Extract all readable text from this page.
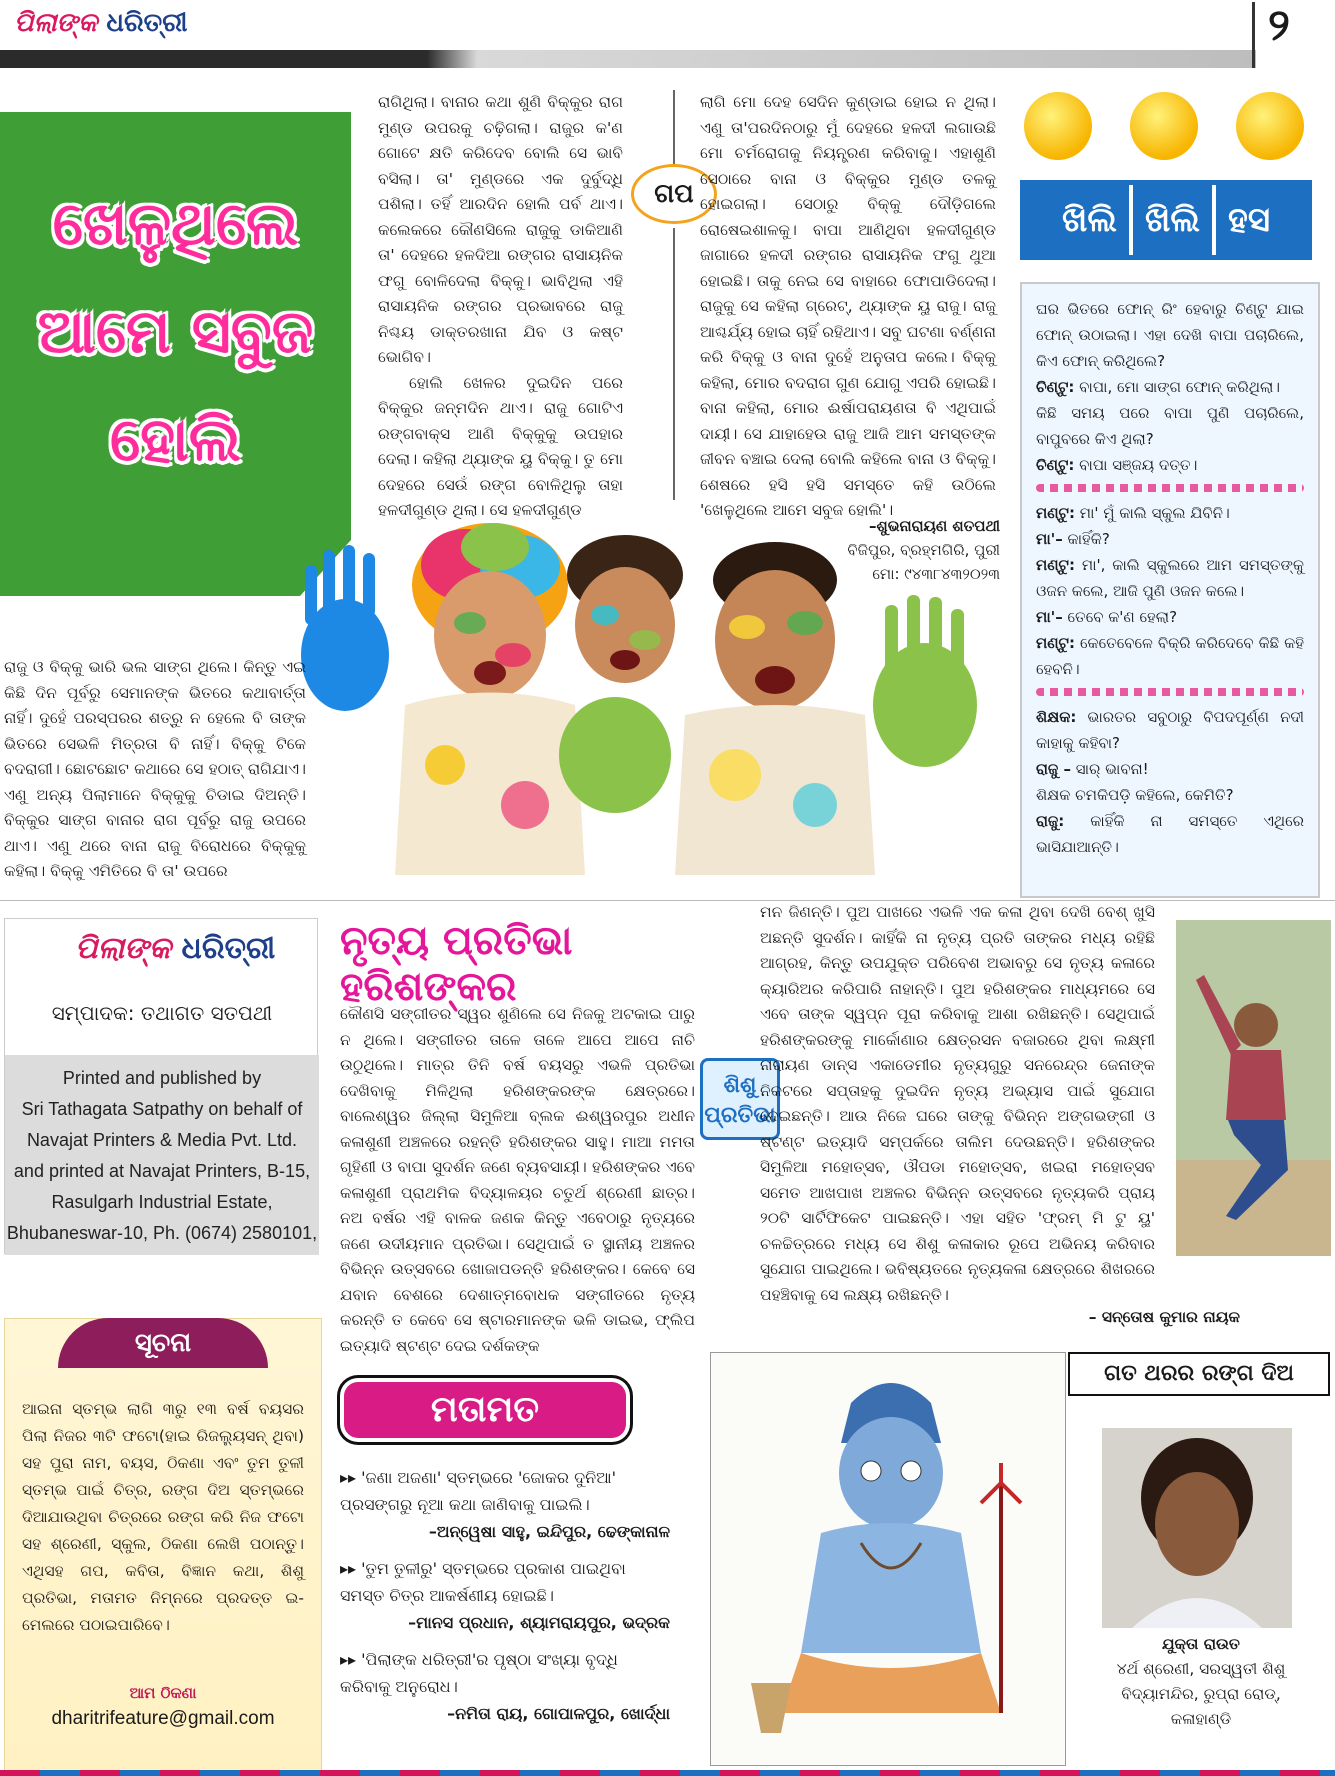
ପିଲାଙ୍କ ଧରିତ୍ରୀ	୨
ଖେଳୁଥିଲେ
ଆମେ ସବୁଜ
ହୋଲି

ରାଗିଥିଲା। ବାନାର କଥା ଶୁଣି ବିକ୍କୁର ରାଗ ମୁଣ୍ଡ ଉପରକୁ ଚଢ଼ିଗଲା। ରାଜୁର କ'ଣ ଗୋଟେ କ୍ଷତି କରିଦେବ ବୋଲି ସେ ଭାବି ବସିଲା। ତା' ମୁଣ୍ଡରେ ଏକ ଦୁର୍ବୁଦ୍ଧି ପଶିଲା। ତହିଁ ଆରଦିନ ହୋଲି ପର୍ବ ଥାଏ। କଲେକରେ କୌଣସିଲେ ରାଜୁକୁ ଡାକିଆଣି ତା' ଦେହରେ ହଳଦିଆ ରଙ୍ଗର ରାସାୟନିକ ଫଗୁ ବୋଳିଦେଲା ବିକ୍କୁ। ଭାବିଥିଲା ଏହି ରାସାୟନିକ ରଙ୍ଗର ପ୍ରଭାବରେ ରାଜୁ ନିଶ୍ଚୟ ଡାକ୍ତରଖାନା ଯିବ ଓ କଷ୍ଟ ଭୋଗିବ।

ହୋଲି ଖେଳର ଦୁଇଦିନ ପରେ ବିକ୍କୁର ଜନ୍ମଦିନ ଥାଏ। ରାଜୁ ଗୋଟିଏ ରଙ୍ଗବାକ୍ସ ଆଣି ବିକ୍କୁକୁ ଉପହାର ଦେଲା। କହିଲା ଥ୍ୟାଙ୍କ ୟୁ ବିକ୍କୁ। ତୁ ମୋ ଦେହରେ ସେଉଁ ରଙ୍ଗ ବୋଳିଥିଲୁ ତାହା ହଳଦୀଗୁଣ୍ଡ ଥିଲା। ସେ ହଳଦୀଗୁଣ୍ଡ

ଗପ
ଲାଗି ମୋ ଦେହ ସେଦିନ କୁଣ୍ଡାଇ ହୋଇ ନ ଥିଲା। ଏଣୁ ତା'ପରଦିନଠାରୁ ମୁଁ ଦେହରେ ହଳଦୀ ଲଗାଉଛି ମୋ ଚର୍ମରୋଗକୁ ନିୟନ୍ତ୍ରଣ କରିବାକୁ। ଏହାଶୁଣି ସେଠାରେ ବାନା ଓ ବିକ୍କୁର ମୁଣ୍ଡ ତଳକୁ ହୋଇଗଲା। ସେଠାରୁ ବିକ୍କୁ ଦୌଡ଼ିଗଲେ ରୋଷେଇଶାଳକୁ। ବାପା ଆଣିଥିବା ହଳଦୀଗୁଣ୍ଡ ଜାଗାରେ ହଳଦୀ ରଙ୍ଗର ରାସାୟନିକ ଫଗୁ ଥୁଆ ହୋଇଛି। ତାକୁ ନେଇ ସେ ବାହାରେ ଫୋପାଡିଦେଲା। ରାଜୁକୁ ସେ କହିଲା ଗ୍ରେଟ୍, ଥ୍ୟାଙ୍କ ୟୁ ରାଜୁ। ରାଜୁ ଆଶ୍ଚର୍ଯ୍ୟ ହୋଇ ଚାହିଁ ରହିଥାଏ। ସବୁ ଘଟଣା ବର୍ଣ୍ଣନା କରି ବିକ୍କୁ ଓ ବାନା ଦୁହେଁ ଅନୁତାପ କଲେ। ବିକ୍କୁ କହିଲା, ମୋର ବଦରାଗ ଗୁଣ ଯୋଗୁ ଏପରି ହୋଇଛି। ବାନା କହିଲା, ମୋର ଈର୍ଷାପରାୟଣତା ବି ଏଥିପାଇଁ ଦାୟୀ। ସେ ଯାହାହେଉ ରାଜୁ ଆଜି ଆମ ସମସ୍ତଙ୍କ ଜୀବନ ବଞ୍ଚାଇ ଦେଲା ବୋଲି କହିଲେ ବାନା ଓ ବିକ୍କୁ। ଶେଷରେ ହସି ହସି ସମସ୍ତେ କହି ଉଠିଲେ 'ଖେଳୁଥିଲେ ଆମେ ସବୁଜ ହୋଲି'।
–ଶୁଭନାରାୟଣ ଶତପଥୀ
ବିଜିପୁର, ବ୍ରହ୍ମଗିରି, ପୁରୀ
ମୋ: ୯୪୩୮୪୩୨୦୨୩

ରାଜୁ ଓ ବିକ୍କୁ ଭାରି ଭଲ ସାଙ୍ଗ ଥିଲେ। କିନ୍ତୁ ଏଇ କିଛି ଦିନ ପୂର୍ବରୁ ସେମାନଙ୍କ ଭିତରେ କଥାବାର୍ତ୍ତା ନାହିଁ। ଦୁହେଁ ପରସ୍ପରର ଶତ୍ରୁ ନ ହେଲେ ବି ତାଙ୍କ ଭିତରେ ସେଭଳି ମିତ୍ରତା ବି ନାହିଁ। ବିକ୍କୁ ଟିକେ ବଦରାଗୀ। ଛୋଟଛୋଟ କଥାରେ ସେ ହଠାତ୍ ରାଗିଯାଏ। ଏଣୁ ଅନ୍ୟ ପିଲାମାନେ ବିକ୍କୁକୁ ଚିଡାଇ ଦିଅନ୍ତି। ବିକ୍କୁର ସାଙ୍ଗ ବାନାର ରାଗ ପୂର୍ବରୁ ରାଜୁ ଉପରେ ଥାଏ। ଏଣୁ ଥରେ ବାନା ରାଜୁ ବିରୋଧରେ ବିକ୍କୁକୁ କହିଲା। ବିକ୍କୁ ଏମିତିରେ ବି ତା' ଉପରେ

ଖିଲି ଖିଲି ହସ
ଘର ଭିତରେ ଫୋନ୍ ରିଂ ହେବାରୁ ଚିଣ୍ଟୁ ଯାଇ ଫୋନ୍ ଉଠାଇଲା। ଏହା ଦେଖି ବାପା ପଚାରିଲେ, କିଏ ଫୋନ୍ କରିଥିଲେ?
ଚିଣ୍ଟୁ: ବାପା, ମୋ ସାଙ୍ଗ ଫୋନ୍ କରିଥିଲା।
କିଛି ସମୟ ପରେ ବାପା ପୁଣି ପଚାରିଲେ, ବାପୁବରେ କିଏ ଥିଲା?
ଚିଣ୍ଟୁ: ବାପା ସଞ୍ଜୟ ଦତ୍ତ।
ମଣ୍ଟୁ: ମା' ମୁଁ କାଲି ସ୍କୁଲ ଯିବିନି।
ମା'– କାହିଁକି?
ମଣ୍ଟୁ: ମା', କାଲି ସ୍କୁଲରେ ଆମ ସମସ୍ତଙ୍କୁ ଓଜନ କଲେ, ଆଜି ପୁଣି ଓଜନ କଲେ।
ମା'– ତେବେ କ'ଣ ହେଲା?
ମଣ୍ଟୁ: କେତେବେଳେ ବିକ୍ରି କରିଦେବେ କିଛି କହି ହେବନି।
ଶିକ୍ଷକ: ଭାରତର ସବୁଠାରୁ ବିପଦପୂର୍ଣ୍ଣ ନଦୀ କାହାକୁ କହିବା?
ରାଜୁ – ସାର୍ ଭାବନା!
ଶିକ୍ଷକ ଚମକିପଡ଼ି କହିଲେ, କେମିତି?
ରାଜୁ: କାହିଁକି ନା ସମସ୍ତେ ଏଥିରେ ଭାସିଯାଆନ୍ତି।
ପିଲାଙ୍କ ଧରିତ୍ରୀ
ସମ୍ପାଦକ: ତଥାଗତ ସତପଥୀ
Printed and published by
Sri Tathagata Satpathy on behalf of
Navajat Printers & Media Pvt. Ltd.
and printed at Navajat Printers, B-15,
Rasulgarh Industrial Estate,
Bhubaneswar-10, Ph. (0674) 2580101,
ନୃତ୍ୟ ପ୍ରତିଭା ହରିଶଙ୍କର
କୌଣସି ସଙ୍ଗୀତର ସ୍ୱର ଶୁଣିଲେ ସେ ନିଜକୁ ଅଟକାଇ ପାରୁ ନ ଥିଲେ। ସଙ୍ଗୀତର ତାଳେ ତାଳେ ଆପେ ଆପେ ନାଚି ଉଠୁଥିଲେ। ମାତ୍ର ତିନି ବର୍ଷ ବୟସରୁ ଏଭଳି ପ୍ରତିଭା ଦେଖିବାକୁ ମିଳିଥିଲା ହରିଶଙ୍କରଙ୍କ କ୍ଷେତ୍ରରେ। ବାଲେଶ୍ୱର ଜିଲ୍ଲା ସିମୁଳିଆ ବ୍ଲକ ଈଶ୍ୱରପୁର ଅଧୀନ କଳାଶୁଣୀ ଅଞ୍ଚଳରେ ରହନ୍ତି ହରିଶଙ୍କର ସାହୁ। ମାଆ ମମତା ଗୃହିଣୀ ଓ ବାପା ସୁଦର୍ଶନ ଜଣେ ବ୍ୟବସାୟୀ। ହରିଶଙ୍କର ଏବେ କଳାଶୁଣୀ ପ୍ରାଥମିକ ବିଦ୍ୟାଳୟର ଚତୁର୍ଥ ଶ୍ରେଣୀ ଛାତ୍ର। ନଅ ବର୍ଷର ଏହି ବାଳକ ଜଣକ କିନ୍ତୁ ଏବେଠାରୁ ନୃତ୍ୟରେ ଜଣେ ଉଦୀୟମାନ ପ୍ରତିଭା। ସେଥିପାଇଁ ତ ସ୍ଥାନୀୟ ଅଞ୍ଚଳର ବିଭିନ୍ନ ଉତ୍ସବରେ ଖୋଜାପଡନ୍ତି ହରିଶଙ୍କର। କେବେ ସେ ଯବାନ ବେଶରେ ଦେଶାତ୍ମବୋଧକ ସଙ୍ଗୀତରେ ନୃତ୍ୟ କରନ୍ତି ତ କେବେ ସେ ଷ୍ଟାରମାନଙ୍କ ଭଳି ଡାଇଭ, ଫ୍ଲିପ ଇତ୍ୟାଦି ଷ୍ଟଣ୍ଟ ଦେଇ ଦର୍ଶକଙ୍କ
ଶିଶୁ
ପ୍ରତିଭା
ମନ ଜିଣନ୍ତି। ପୁଅ ପାଖରେ ଏଭଳି ଏକ କଳା ଥିବା ଦେଖି ବେଶ୍ ଖୁସି ଅଛନ୍ତି ସୁଦର୍ଶନ। କାହିଁକି ନା ନୃତ୍ୟ ପ୍ରତି ତାଙ୍କର ମଧ୍ୟ ରହିଛି ଆଗ୍ରହ, କିନ୍ତୁ ଉପଯୁକ୍ତ ପରିବେଶ ଅଭାବରୁ ସେ ନୃତ୍ୟ କଳାରେ କ୍ୟାରିଅର କରିପାରି ନାହାନ୍ତି। ପୁଅ ହରିଶଙ୍କର ମାଧ୍ୟମରେ ସେ ଏବେ ତାଙ୍କ ସ୍ୱପ୍ନ ପୂରା କରିବାକୁ ଆଶା ରଖିଛନ୍ତି। ସେଥିପାଇଁ ହରିଶଙ୍କରଙ୍କୁ ମାର୍କୋଣାର କ୍ଷେତ୍ରସନ ବଜାରରେ ଥିବା ଲକ୍ଷ୍ମୀ ନାରାୟଣ ଡାନ୍ସ ଏକାଡେମୀର ନୃତ୍ୟଗୁରୁ ସନରେନ୍ଦ୍ର ଜେନାଙ୍କ ନିକଟରେ ସପ୍ତାହକୁ ଦୁଇଦିନ ନୃତ୍ୟ ଅଭ୍ୟାସ ପାଇଁ ସୁଯୋଗ ଦେଇଛନ୍ତି। ଆଉ ନିଜେ ଘରେ ତାଙ୍କୁ ବିଭିନ୍ନ ଅଙ୍ଗଭଙ୍ଗୀ ଓ ଷ୍ଟଣ୍ଟ ଇତ୍ୟାଦି ସମ୍ପର୍କରେ ତାଲିମ ଦେଉଛନ୍ତି। ହରିଶଙ୍କର ସିମୁଳିଆ ମହୋତ୍ସବ, ଔପଡା ମହୋତ୍ସବ, ଖଇରା ମହୋତ୍ସବ ସମେତ ଆଖପାଖ ଅଞ୍ଚଳର ବିଭିନ୍ନ ଉତ୍ସବରେ ନୃତ୍ୟକରି ପ୍ରାୟ ୨୦ଟି ସାର୍ଟିଫିକେଟ ପାଇଛନ୍ତି। ଏହା ସହିତ 'ଫ୍ରମ୍ ମି ଟୁ ୟୁ' ଚଳଚ୍ଚିତ୍ରରେ ମଧ୍ୟ ସେ ଶିଶୁ କଳାକାର ରୂପେ ଅଭିନୟ କରିବାର ସୁଯୋଗ ପାଇଥିଲେ। ଭବିଷ୍ୟତରେ ନୃତ୍ୟକଳା କ୍ଷେତ୍ରରେ ଶିଖରରେ ପହଞ୍ଚିବାକୁ ସେ ଲକ୍ଷ୍ୟ ରଖିଛନ୍ତି।
– ସନ୍ତୋଷ କୁମାର ନାୟକ
ସୂଚନା
ଆଇନା ସ୍ତମ୍ଭ ଲାଗି ୩ରୁ ୧୩ ବର୍ଷ ବୟସର ପିଲା ନିଜର ୩ଟି ଫଟୋ(ହାଇ ରିଜଲ୍ୟୁସନ୍ ଥିବା) ସହ ପୁରା ନାମ, ବୟସ, ଠିକଣା ଏବଂ ତୁମ ତୁଳୀ ସ୍ତମ୍ଭ ପାଇଁ ଚିତ୍ର, ରଙ୍ଗ ଦିଅ ସ୍ତମ୍ଭରେ ଦିଆଯାଉଥିବା ଚିତ୍ରରେ ରଙ୍ଗ କରି ନିଜ ଫଟୋ ସହ ଶ୍ରେଣୀ, ସ୍କୁଲ, ଠିକଣା ଲେଖି ପଠାନ୍ତୁ। ଏଥିସହ ଗପ, କବିତା, ବିଜ୍ଞାନ କଥା, ଶିଶୁ ପ୍ରତିଭା, ମତାମତ ନିମ୍ନରେ ପ୍ରଦତ୍ତ ଇ-ମେଲରେ ପଠାଇପାରିବେ।
ଆମ ଠିକଣା
dharitrifeature@gmail.com
ମତାମତ
▸▸ 'ଜଣା ଅଜଣା' ସ୍ତମ୍ଭରେ 'ଜୋକର ଦୁନିଆ' ପ୍ରସଙ୍ଗରୁ ନୂଆ କଥା ଜାଣିବାକୁ ପାଇଲି।
–ଅନ୍ୱେଷା ସାହୁ, ଇନ୍ଦିପୁର, ଢେଙ୍କାନାଳ
▸▸ 'ତୁମ ତୁଳୀରୁ' ସ୍ତମ୍ଭରେ ପ୍ରକାଶ ପାଇଥିବା ସମସ୍ତ ଚିତ୍ର ଆକର୍ଷଣୀୟ ହୋଇଛି।
–ମାନସ ପ୍ରଧାନ, ଶ୍ୟାମରାୟପୁର, ଭଦ୍ରକ
▸▸ 'ପିଲାଙ୍କ ଧରିତ୍ରୀ'ର ପୃଷ୍ଠା ସଂଖ୍ୟା ବୃଦ୍ଧି କରିବାକୁ ଅନୁରୋଧ।
–ନମିତା ରାୟ, ଗୋପାଳପୁର, ଖୋର୍ଦ୍ଧା
ଗତ ଥରର ରଙ୍ଗ ଦିଅ
ଯୁକ୍ତା ରାଉତ
୪ର୍ଥ ଶ୍ରେଣୀ, ସରସ୍ୱତୀ ଶିଶୁ
ବିଦ୍ୟାମନ୍ଦିର, ରୁପ୍ରା ରୋଡ୍,
କଳାହାଣ୍ଡି
